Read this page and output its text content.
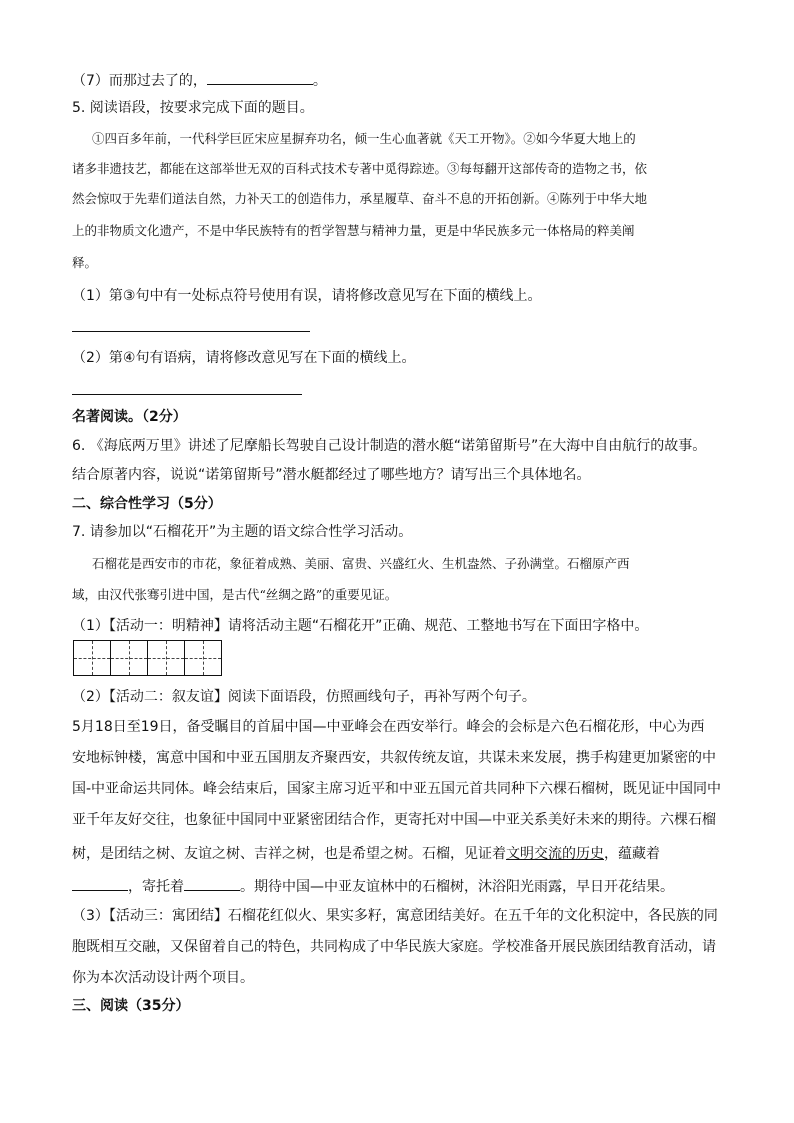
（7）而那过去了的，	。
5. 阅读语段，按要求完成下面的题目。
①四百多年前，一代科学巨匠宋应星摒弃功名，倾一生心血著就《天工开物》。②如今华夏大地上的
诸多非遗技艺，都能在这部举世无双的百科式技术专著中觅得踪迹。③每每翻开这部传奇的造物之书，依
然会惊叹于先辈们道法自然，力补天工的创造伟力，承星履草、奋斗不息的开拓创新。④陈列于中华大地
上的非物质文化遗产，不是中华民族特有的哲学智慧与精神力量，更是中华民族多元一体格局的粹美阐
释。
（1）第③句中有一处标点符号使用有误，请将修改意见写在下面的横线上。
（2）第④句有语病，请将修改意见写在下面的横线上。
名著阅读。（2分）
6. 《海底两万里》讲述了尼摩船长驾驶自己设计制造的潜水艇“诺第留斯号”在大海中自由航行的故事。
结合原著内容，说说“诺第留斯号”潜水艇都经过了哪些地方？请写出三个具体地名。
二、综合性学习（5分）
7. 请参加以“石榴花开”为主题的语文综合性学习活动。
石榴花是西安市的市花，象征着成熟、美丽、富贵、兴盛红火、生机盎然、子孙满堂。石榴原产西
域，由汉代张骞引进中国，是古代“丝绸之路”的重要见证。
（1）【活动一：明精神】请将活动主题“石榴花开”正确、规范、工整地书写在下面田字格中。
（2）【活动二：叙友谊】阅读下面语段，仿照画线句子，再补写两个句子。
5月18日至19日，备受瞩目的首届中国—中亚峰会在西安举行。峰会的会标是六色石榴花形，中心为西
安地标钟楼，寓意中国和中亚五国朋友齐聚西安，共叙传统友谊，共谋未来发展，携手构建更加紧密的中
国-中亚命运共同体。峰会结束后，国家主席习近平和中亚五国元首共同种下六棵石榴树，既见证中国同中
亚千年友好交往，也象征中国同中亚紧密团结合作，更寄托对中国—中亚关系美好未来的期待。六棵石榴
树，是团结之树、友谊之树、吉祥之树，也是希望之树。石榴，见证着文明交流的历史，蕴藏着
，寄托着	。期待中国—中亚友谊林中的石榴树，沐浴阳光雨露，早日开花结果。
（3）【活动三：寓团结】石榴花红似火、果实多籽，寓意团结美好。在五千年的文化积淀中，各民族的同
胞既相互交融，又保留着自己的特色，共同构成了中华民族大家庭。学校准备开展民族团结教育活动，请
你为本次活动设计两个项目。
三、阅读（35分）
